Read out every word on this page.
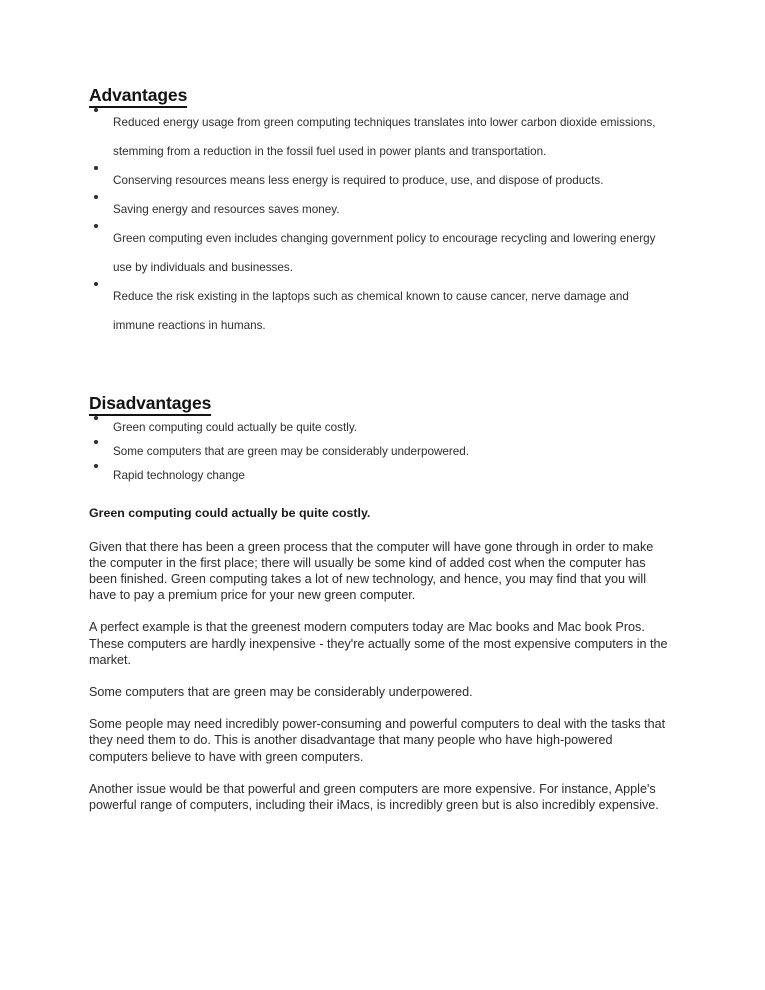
Advantages
Reduced energy usage from green computing techniques translates into lower carbon dioxide emissions, stemming from a reduction in the fossil fuel used in power plants and transportation.
Conserving resources means less energy is required to produce, use, and dispose of products.
Saving energy and resources saves money.
Green computing even includes changing government policy to encourage recycling and lowering energy use by individuals and businesses.
Reduce the risk existing in the laptops such as chemical known to cause cancer, nerve damage and immune reactions in humans.
Disadvantages
Green computing could actually be quite costly.
Some computers that are green may be considerably underpowered.
Rapid technology change
Green computing could actually be quite costly.

Given that there has been a green process that the computer will have gone through in order to make the computer in the first place; there will usually be some kind of added cost when the computer has been finished. Green computing takes a lot of new technology, and hence, you may find that you will have to pay a premium price for your new green computer.

A perfect example is that the greenest modern computers today are Mac books and Mac book Pros. These computers are hardly inexpensive - they're actually some of the most expensive computers in the market.

Some computers that are green may be considerably underpowered.

Some people may need incredibly power-consuming and powerful computers to deal with the tasks that they need them to do. This is another disadvantage that many people who have high-powered computers believe to have with green computers.

Another issue would be that powerful and green computers are more expensive. For instance, Apple's powerful range of computers, including their iMacs, is incredibly green but is also incredibly expensive.
